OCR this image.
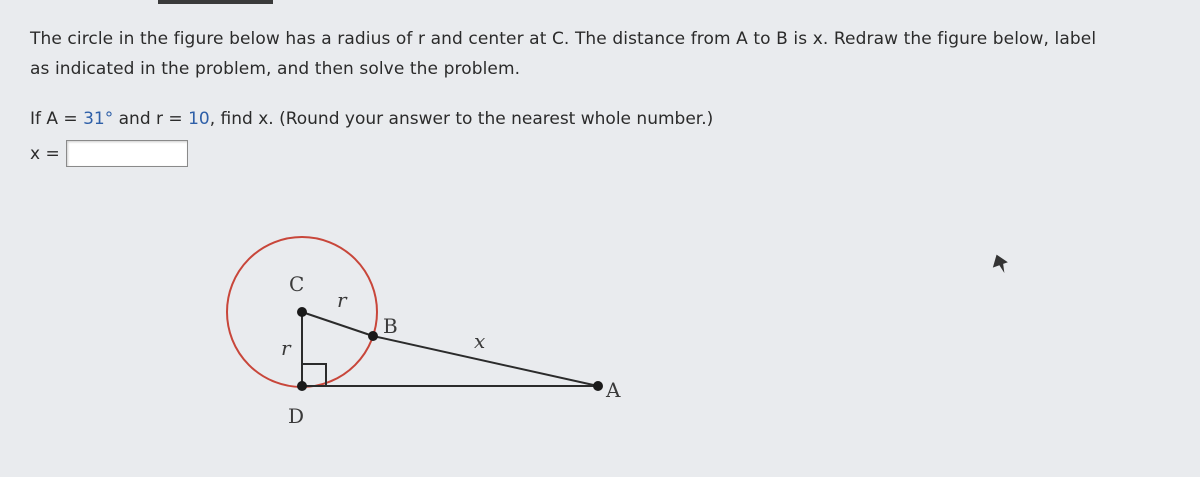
The circle in the figure below has a radius of r and center at C. The distance from A to B is x. Redraw the figure below, label
as indicated in the problem, and then solve the problem.
If A = 31° and r = 10, find x. (Round your answer to the nearest whole number.)
x =
C
r
B
r	x
A
D
